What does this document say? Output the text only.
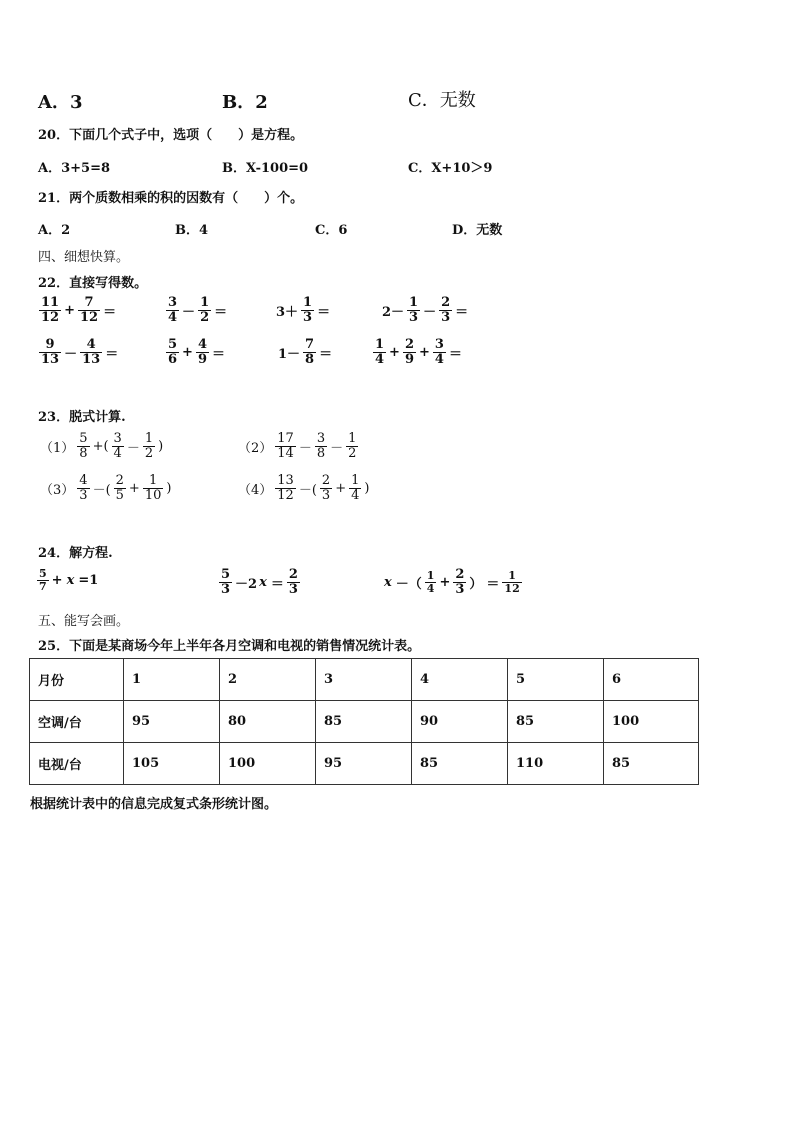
A．3	B．2	C．无数
20．下面几个式子中，选项（　　）是方程。
A．3+5=8	B．X-100=0	C．X+10＞9
21．两个质数相乘的积的因数有（　　）个。
A．2	B．4	C．6	D．无数
四、细想快算。
22．直接写得数。
$\frac{11}{12} + \frac{7}{12}$ ＝	$\frac{3}{4} - \frac{1}{2}$ ＝	$3+ \frac{1}{3}$ ＝	$2- \frac{1}{3} - \frac{2}{3}$ ＝
$\frac{9}{13} - \frac{4}{13}$ ＝	$\frac{5}{6} + \frac{4}{9}$ ＝	$1- \frac{7}{8}$ ＝	$\frac{1}{4} + \frac{2}{9} + \frac{3}{4}$ ＝
23．脱式计算.
$(1) \frac{5}{8}$ +( $\frac{3}{4} - \frac{1}{2}$ )	$(2) \frac{17}{14} - \frac{3}{8} - \frac{1}{2}$
$(3) \frac{4}{3}$ －( $\frac{2}{5} + \frac{1}{10}$ )	$(4) \frac{13}{12}$ －( $\frac{2}{3} + \frac{1}{4}$ )
24．解方程.
$\frac{5}{7} + x =1$	$\frac{5}{3} -2$ $x = \frac{2}{3}$	x －（ $\frac{1}{4} + \frac{2}{3}$ ） ＝ $\frac{1}{12}$
五、能写会画。
25．下面是某商场今年上半年各月空调和电视的销售情况统计表。
月份	1	2	3	4	5	6
空调/台	95	80	85	90	85	100
电视/台	105	100	95	85	110	85
根据统计表中的信息完成复式条形统计图。
